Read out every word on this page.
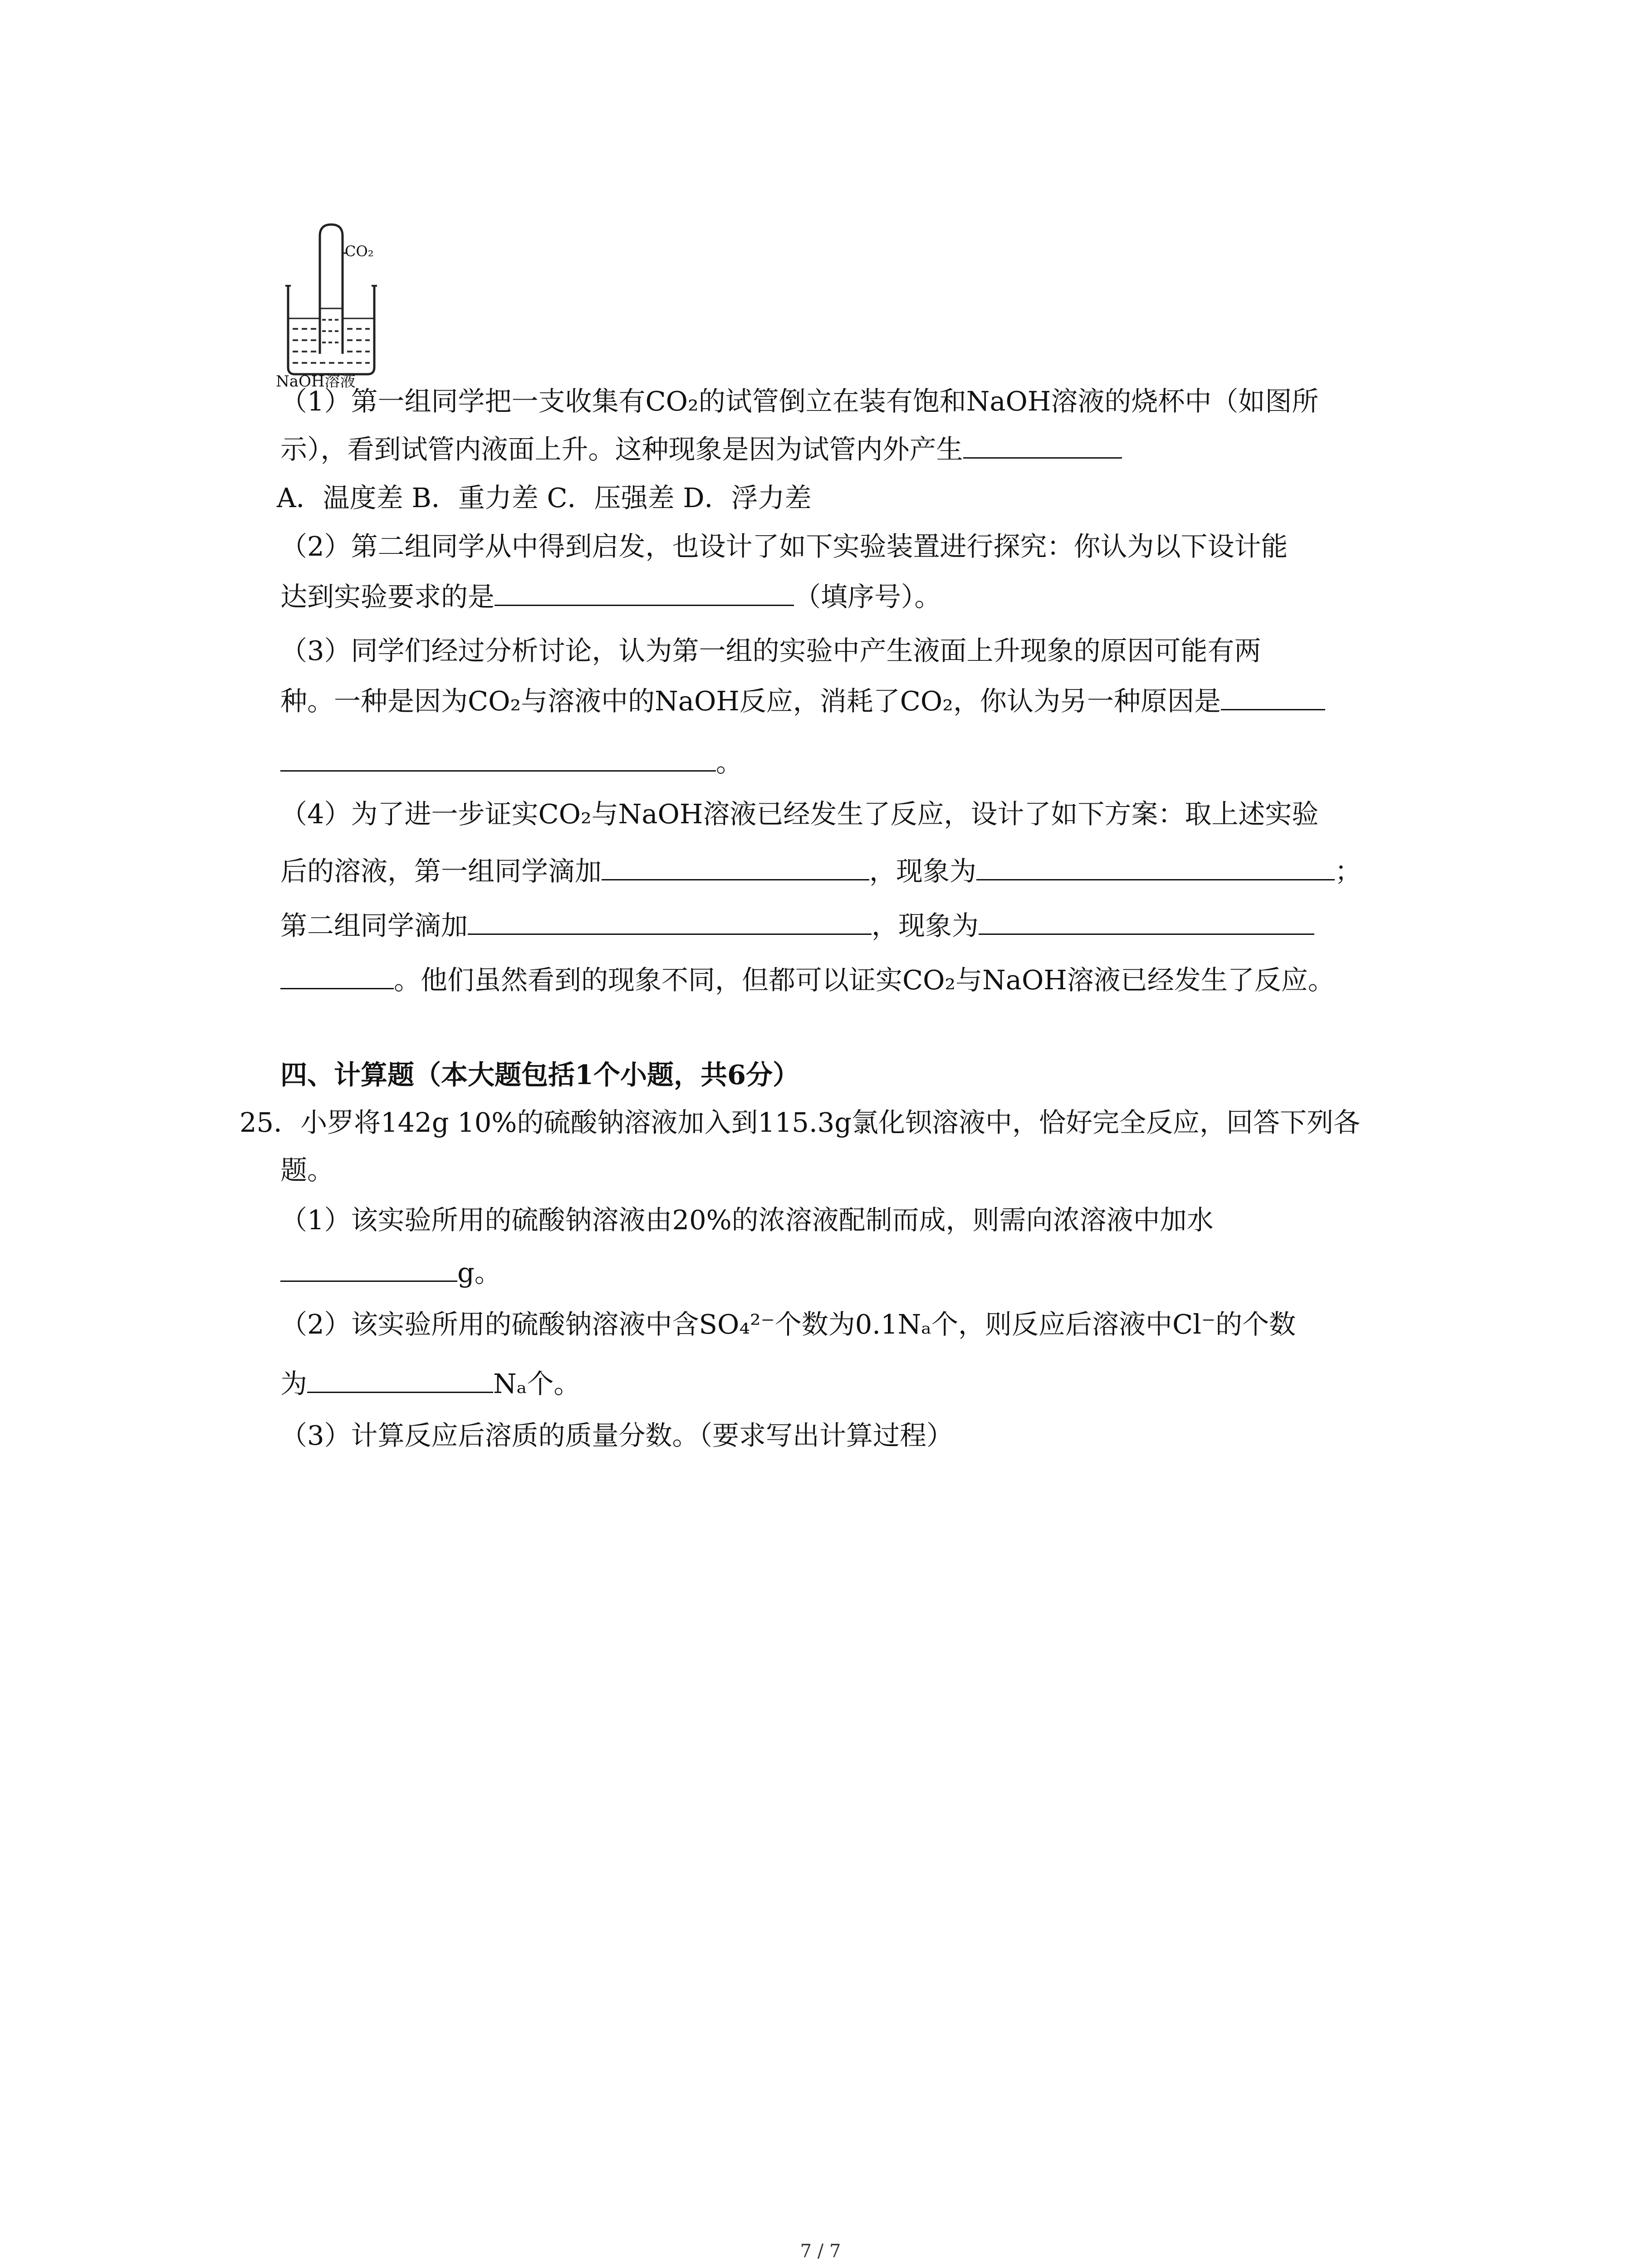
CO₂
NaOH溶液
（1）第一组同学把一支收集有CO₂的试管倒立在装有饱和NaOH溶液的烧杯中（如图所
示），看到试管内液面上升。这种现象是因为试管内外产生
A．温度差 B．重力差 C．压强差 D．浮力差
（2）第二组同学从中得到启发，也设计了如下实验装置进行探究：你认为以下设计能
达到实验要求的是	（填序号）。
（3）同学们经过分析讨论，认为第一组的实验中产生液面上升现象的原因可能有两
种。一种是因为CO₂与溶液中的NaOH反应，消耗了CO₂，你认为另一种原因是
。
（4）为了进一步证实CO₂与NaOH溶液已经发生了反应，设计了如下方案：取上述实验
后的溶液，第一组同学滴加	，现象为	；
第二组同学滴加	，现象为
。他们虽然看到的现象不同，但都可以证实CO₂与NaOH溶液已经发生了反应。
四、计算题（本大题包括1个小题，共6分）
25．小罗将142g 10%的硫酸钠溶液加入到115.3g氯化钡溶液中，恰好完全反应，回答下列各
题。
（1）该实验所用的硫酸钠溶液由20%的浓溶液配制而成，则需向浓溶液中加水
g。
（2）该实验所用的硫酸钠溶液中含SO₄²⁻个数为0.1Nₐ个，则反应后溶液中Cl⁻的个数
为	Nₐ个。
（3）计算反应后溶质的质量分数。（要求写出计算过程）
7 / 7
